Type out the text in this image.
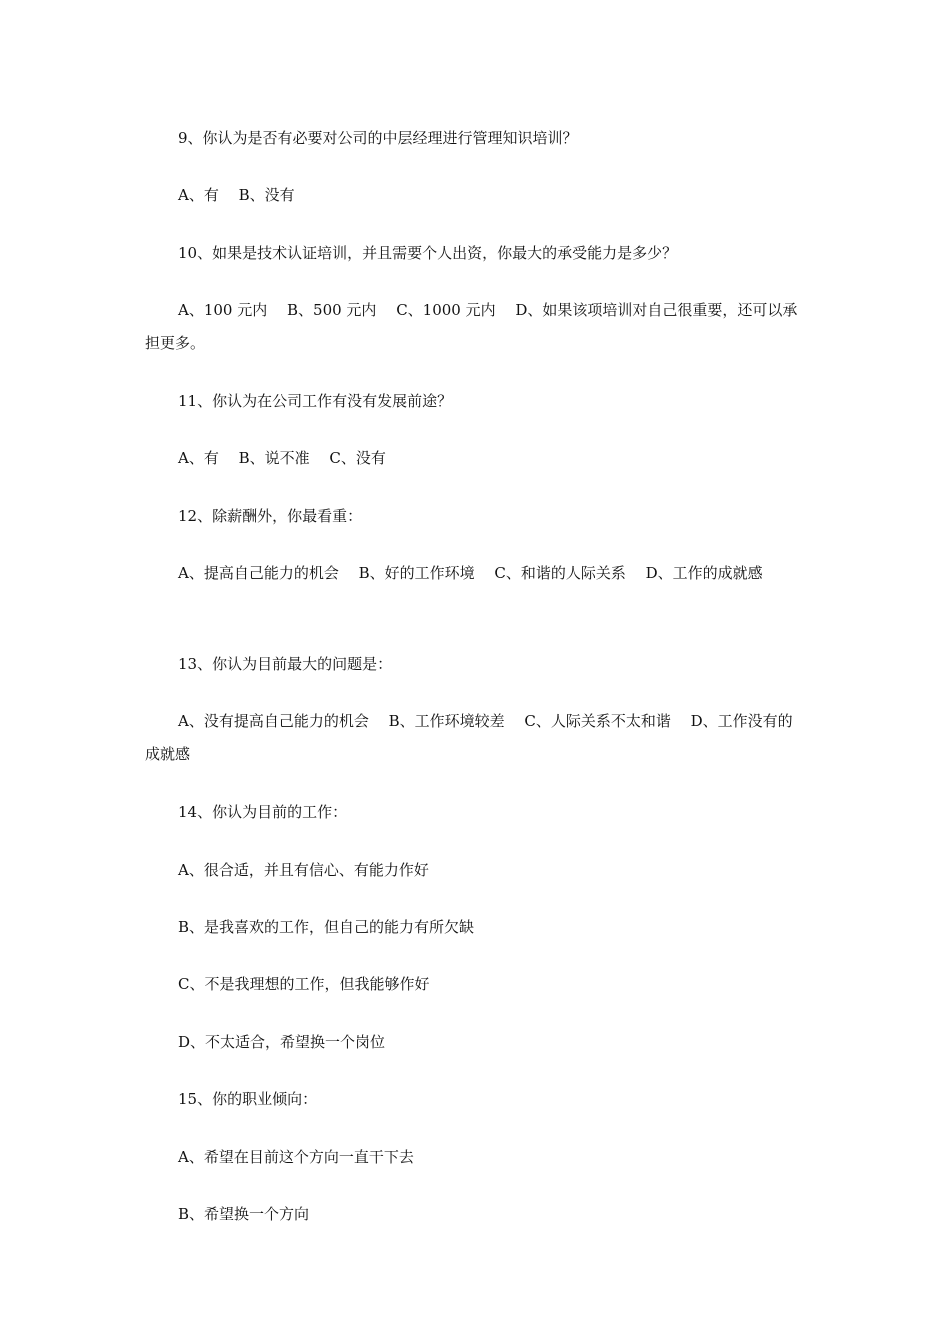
9、你认为是否有必要对公司的中层经理进行管理知识培训？

A、有　 B、没有

10、如果是技术认证培训，并且需要个人出资，你最大的承受能力是多少？

A、100 元内　 B、500 元内　 C、1000 元内　 D、如果该项培训对自己很重要，还可以承担更多。

11、你认为在公司工作有没有发展前途？

A、有　 B、说不准　 C、没有

12、除薪酬外，你最看重：

A、提高自己能力的机会　 B、好的工作环境　 C、和谐的人际关系　 D、工作的成就感

13、你认为目前最大的问题是：

A、没有提高自己能力的机会　 B、工作环境较差　 C、人际关系不太和谐　 D、工作没有的成就感

14、你认为目前的工作：

A、很合适，并且有信心、有能力作好

B、是我喜欢的工作，但自己的能力有所欠缺

C、不是我理想的工作，但我能够作好

D、不太适合，希望换一个岗位

15、你的职业倾向：

A、希望在目前这个方向一直干下去

B、希望换一个方向
